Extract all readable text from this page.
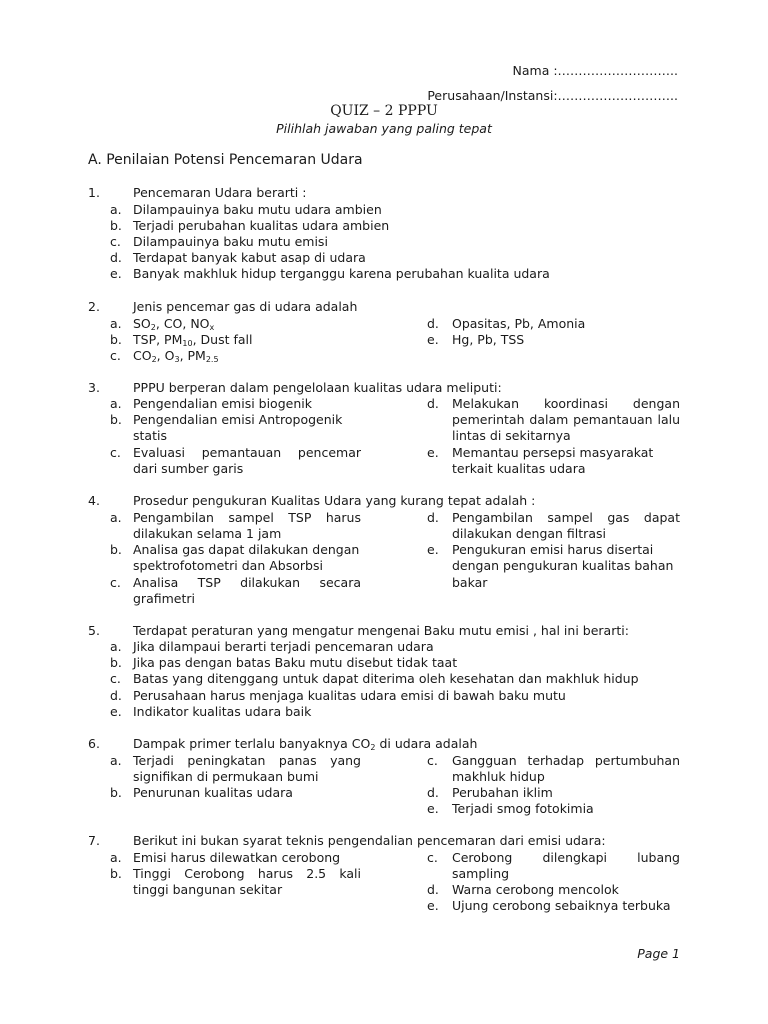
Nama :………………………..
Perusahaan/Instansi:………………………..
QUIZ – 2 PPPU
Pilihlah jawaban yang paling tepat
A. Penilaian Potensi Pencemaran Udara
1.	Pencemaran Udara berarti :
a. Dilampauinya baku mutu udara ambien
b. Terjadi perubahan kualitas udara ambien
c. Dilampauinya baku mutu emisi
d. Terdapat banyak kabut asap di udara
e. Banyak makhluk hidup terganggu karena perubahan kualita udara
2.	Jenis pencemar gas di udara adalah
a. $SO_2$, CO, $NO_x$
b. TSP, $PM_{10}$, Dust fall
c. $CO_2$, $O_3$, $PM_{2.5}$
d. Opasitas, Pb, Amonia
e. Hg, Pb, TSS
3.	PPPU berperan dalam pengelolaan kualitas udara meliputi:
a. Pengendalian emisi biogenik
b. Pengendalian emisi Antropogenik
statis
c. Evaluasi pemantauan pencemar
dari sumber garis
d. Melakukan koordinasi dengan
pemerintah dalam pemantauan lalu
lintas di sekitarnya
e. Memantau persepsi masyarakat
terkait kualitas udara
4.	Prosedur pengukuran Kualitas Udara yang kurang tepat adalah :
a. Pengambilan sampel TSP harus
dilakukan selama 1 jam
b. Analisa gas dapat dilakukan dengan
spektrofotometri dan Absorbsi
c. Analisa TSP dilakukan secara
grafimetri
d. Pengambilan sampel gas dapat
dilakukan dengan filtrasi
e. Pengukuran emisi harus disertai
dengan pengukuran kualitas bahan
bakar
5.	Terdapat peraturan yang mengatur mengenai Baku mutu emisi , hal ini berarti:
a. Jika dilampaui berarti terjadi pencemaran udara
b. Jika pas dengan batas Baku mutu disebut tidak taat
c. Batas yang ditenggang untuk dapat diterima oleh kesehatan dan makhluk hidup
d. Perusahaan harus menjaga kualitas udara emisi di bawah baku mutu
e. Indikator kualitas udara baik
6.	Dampak primer terlalu banyaknya $CO_2$ di udara adalah
a. Terjadi peningkatan panas yang
signifikan di permukaan bumi
b. Penurunan kualitas udara
c. Gangguan terhadap pertumbuhan
makhluk hidup
d. Perubahan iklim
e. Terjadi smog fotokimia
7.	Berikut ini bukan syarat teknis pengendalian pencemaran dari emisi udara:
a. Emisi harus dilewatkan cerobong
b. Tinggi Cerobong harus 2.5 kali
tinggi bangunan sekitar
c. Cerobong dilengkapi lubang
sampling
d. Warna cerobong mencolok
e. Ujung cerobong sebaiknya terbuka
Page 1
